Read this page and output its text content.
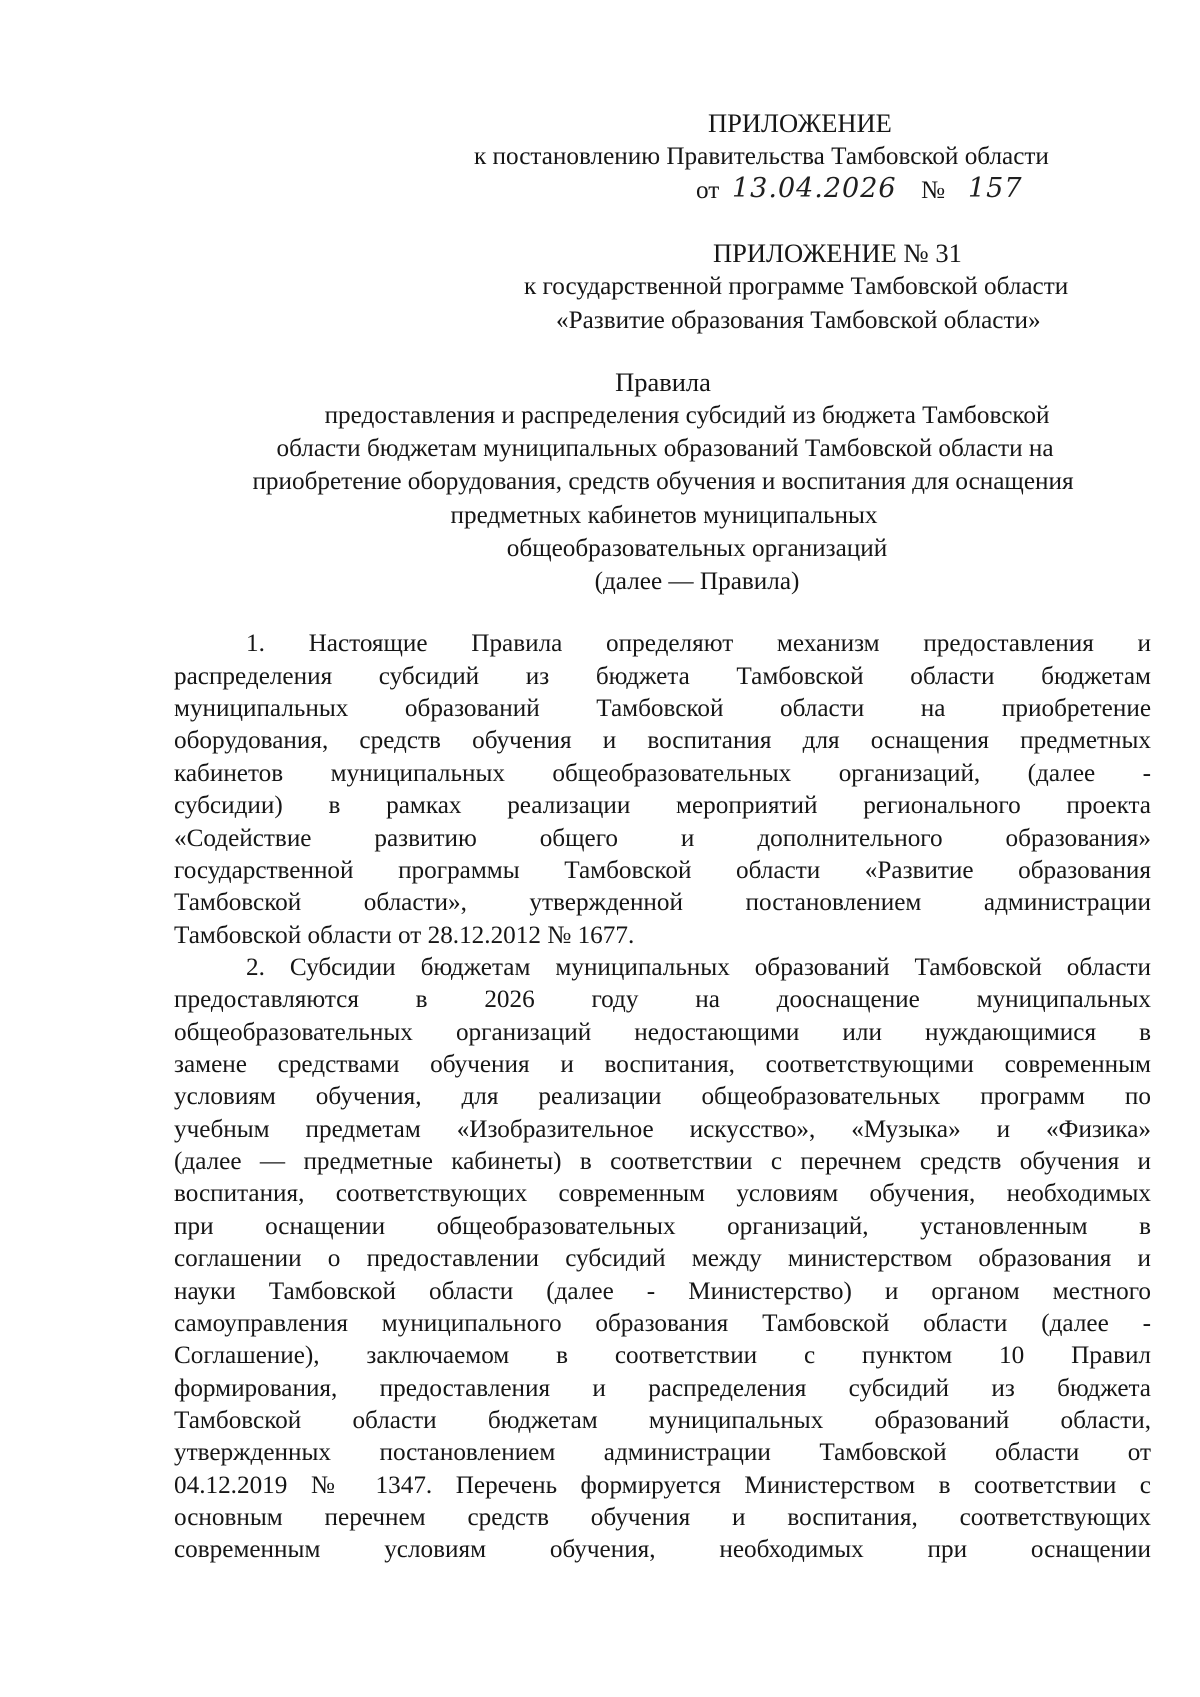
ПРИЛОЖЕНИЕ
к постановлению Правительства Тамбовской области
от 13.04.2026 № 157
ПРИЛОЖЕНИЕ № 31
к государственной программе Тамбовской области
«Развитие образования Тамбовской области»
Правила
предоставления и распределения субсидий из бюджета Тамбовской
области бюджетам муниципальных образований Тамбовской области на
приобретение оборудования, средств обучения и воспитания для оснащения
предметных кабинетов муниципальных
общеобразовательных организаций
(далее — Правила)
1. Настоящие Правила определяют механизм предоставления и
распределения субсидий из бюджета Тамбовской области бюджетам
муниципальных образований Тамбовской области на приобретение
оборудования, средств обучения и воспитания для оснащения предметных
кабинетов муниципальных общеобразовательных организаций, (далее -
субсидии) в рамках реализации мероприятий регионального проекта
«Содействие развитию общего и дополнительного образования»
государственной программы Тамбовской области «Развитие образования
Тамбовской области», утвержденной постановлением администрации
Тамбовской области от 28.12.2012 № 1677.
2. Субсидии бюджетам муниципальных образований Тамбовской области
предоставляются в 2026 году на дооснащение муниципальных
общеобразовательных организаций недостающими или нуждающимися в
замене средствами обучения и воспитания, соответствующими современным
условиям обучения, для реализации общеобразовательных программ по
учебным предметам «Изобразительное искусство», «Музыка» и «Физика»
(далее — предметные кабинеты) в соответствии с перечнем средств обучения и
воспитания, соответствующих современным условиям обучения, необходимых
при оснащении общеобразовательных организаций, установленным в
соглашении о предоставлении субсидий между министерством образования и
науки Тамбовской области (далее - Министерство) и органом местного
самоуправления муниципального образования Тамбовской области (далее -
Соглашение), заключаемом в соответствии с пунктом 10 Правил
формирования, предоставления и распределения субсидий из бюджета
Тамбовской области бюджетам муниципальных образований области,
утвержденных постановлением администрации Тамбовской области от
04.12.2019 № 1347. Перечень формируется Министерством в соответствии с
основным перечнем средств обучения и воспитания, соответствующих
современным условиям обучения, необходимых при оснащении
